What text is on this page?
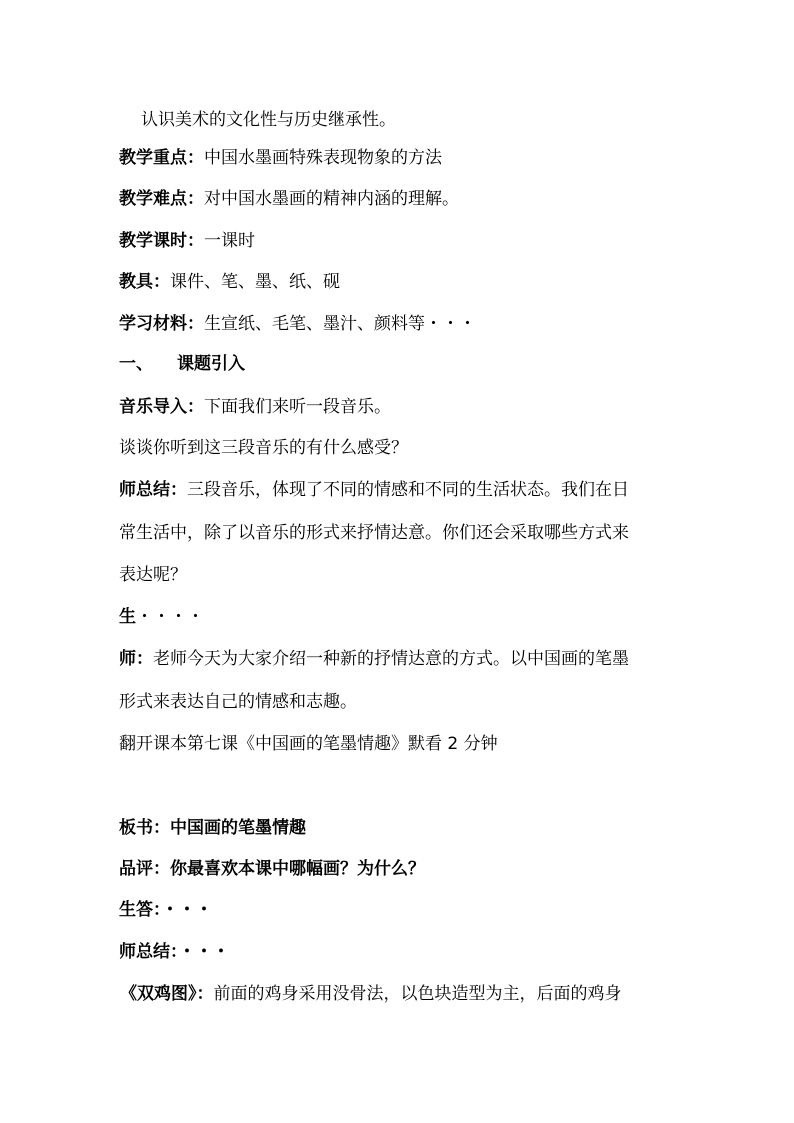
认识美术的文化性与历史继承性。
教学重点：中国水墨画特殊表现物象的方法
教学难点：对中国水墨画的精神内涵的理解。
教学课时：一课时
教具：课件、笔、墨、纸、砚
学习材料：生宣纸、毛笔、墨汁、颜料等・・・
一、 课题引入
音乐导入：下面我们来听一段音乐。
谈谈你听到这三段音乐的有什么感受？
师总结：三段音乐，体现了不同的情感和不同的生活状态。我们在日
常生活中，除了以音乐的形式来抒情达意。你们还会采取哪些方式来
表达呢？
生・・・・
师：老师今天为大家介绍一种新的抒情达意的方式。以中国画的笔墨
形式来表达自己的情感和志趣。
翻开课本第七课《中国画的笔墨情趣》默看 2 分钟
板书：中国画的笔墨情趣
品评：你最喜欢本课中哪幅画？为什么？
生答：・・・
师总结：・・・
《双鸡图》：前面的鸡身采用没骨法，以色块造型为主，后面的鸡身
